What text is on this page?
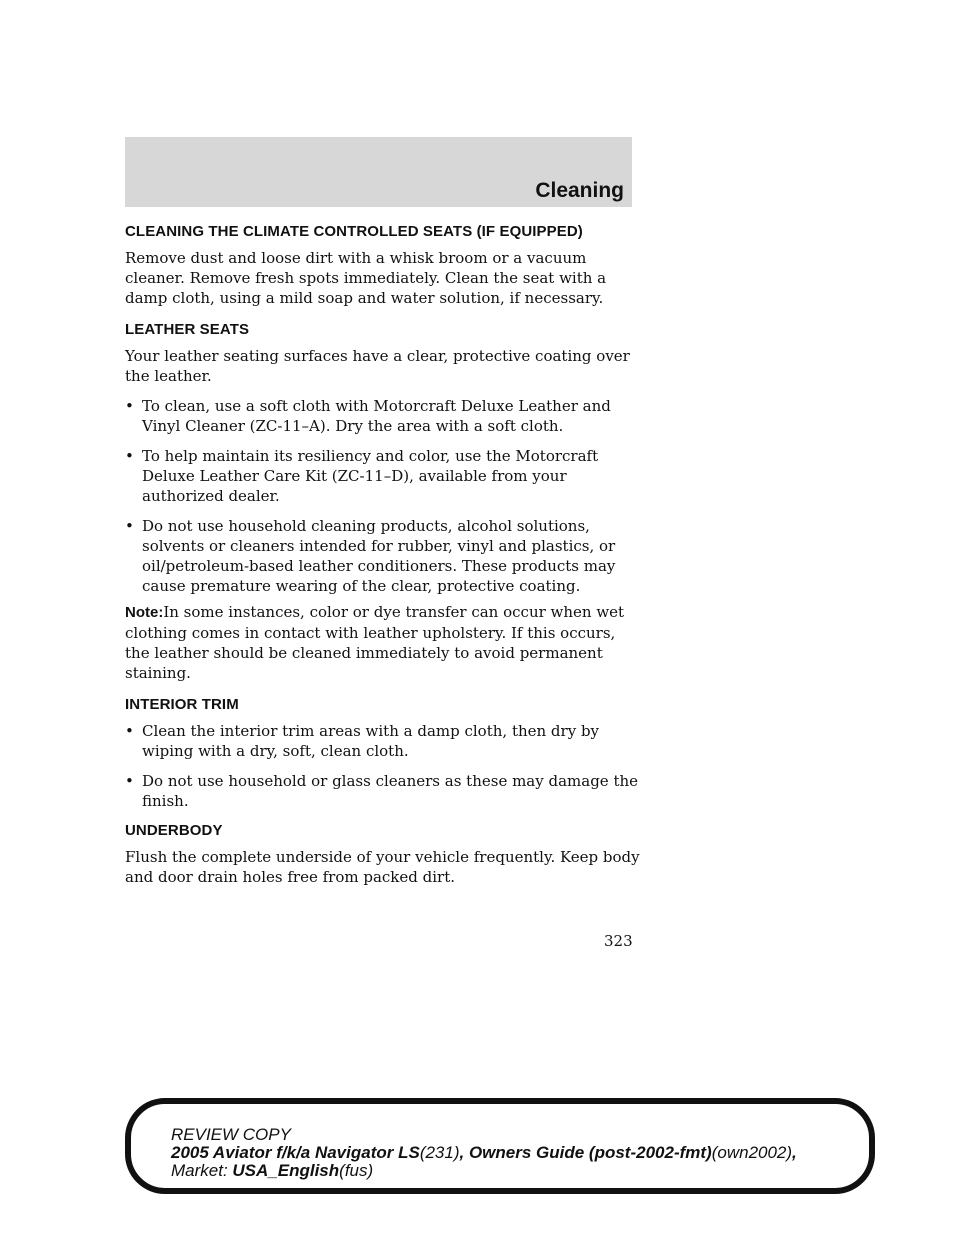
Cleaning
CLEANING THE CLIMATE CONTROLLED SEATS (IF EQUIPPED)

Remove dust and loose dirt with a whisk broom or a vacuum cleaner. Remove fresh spots immediately. Clean the seat with a damp cloth, using a mild soap and water solution, if necessary.

LEATHER SEATS

Your leather seating surfaces have a clear, protective coating over the leather.

• To clean, use a soft cloth with Motorcraft Deluxe Leather and Vinyl Cleaner (ZC-11–A). Dry the area with a soft cloth.
• To help maintain its resiliency and color, use the Motorcraft Deluxe Leather Care Kit (ZC-11–D), available from your authorized dealer.
• Do not use household cleaning products, alcohol solutions, solvents or cleaners intended for rubber, vinyl and plastics, or oil/petroleum-based leather conditioners. These products may cause premature wearing of the clear, protective coating.

Note:In some instances, color or dye transfer can occur when wet clothing comes in contact with leather upholstery. If this occurs, the leather should be cleaned immediately to avoid permanent staining.

INTERIOR TRIM
• Clean the interior trim areas with a damp cloth, then dry by wiping with a dry, soft, clean cloth.
• Do not use household or glass cleaners as these may damage the finish.
UNDERBODY

Flush the complete underside of your vehicle frequently. Keep body and door drain holes free from packed dirt.

323
REVIEW COPY
2005 Aviator f/k/a Navigator LS(231), Owners Guide (post-2002-fmt)(own2002),
Market: USA_English(fus)
